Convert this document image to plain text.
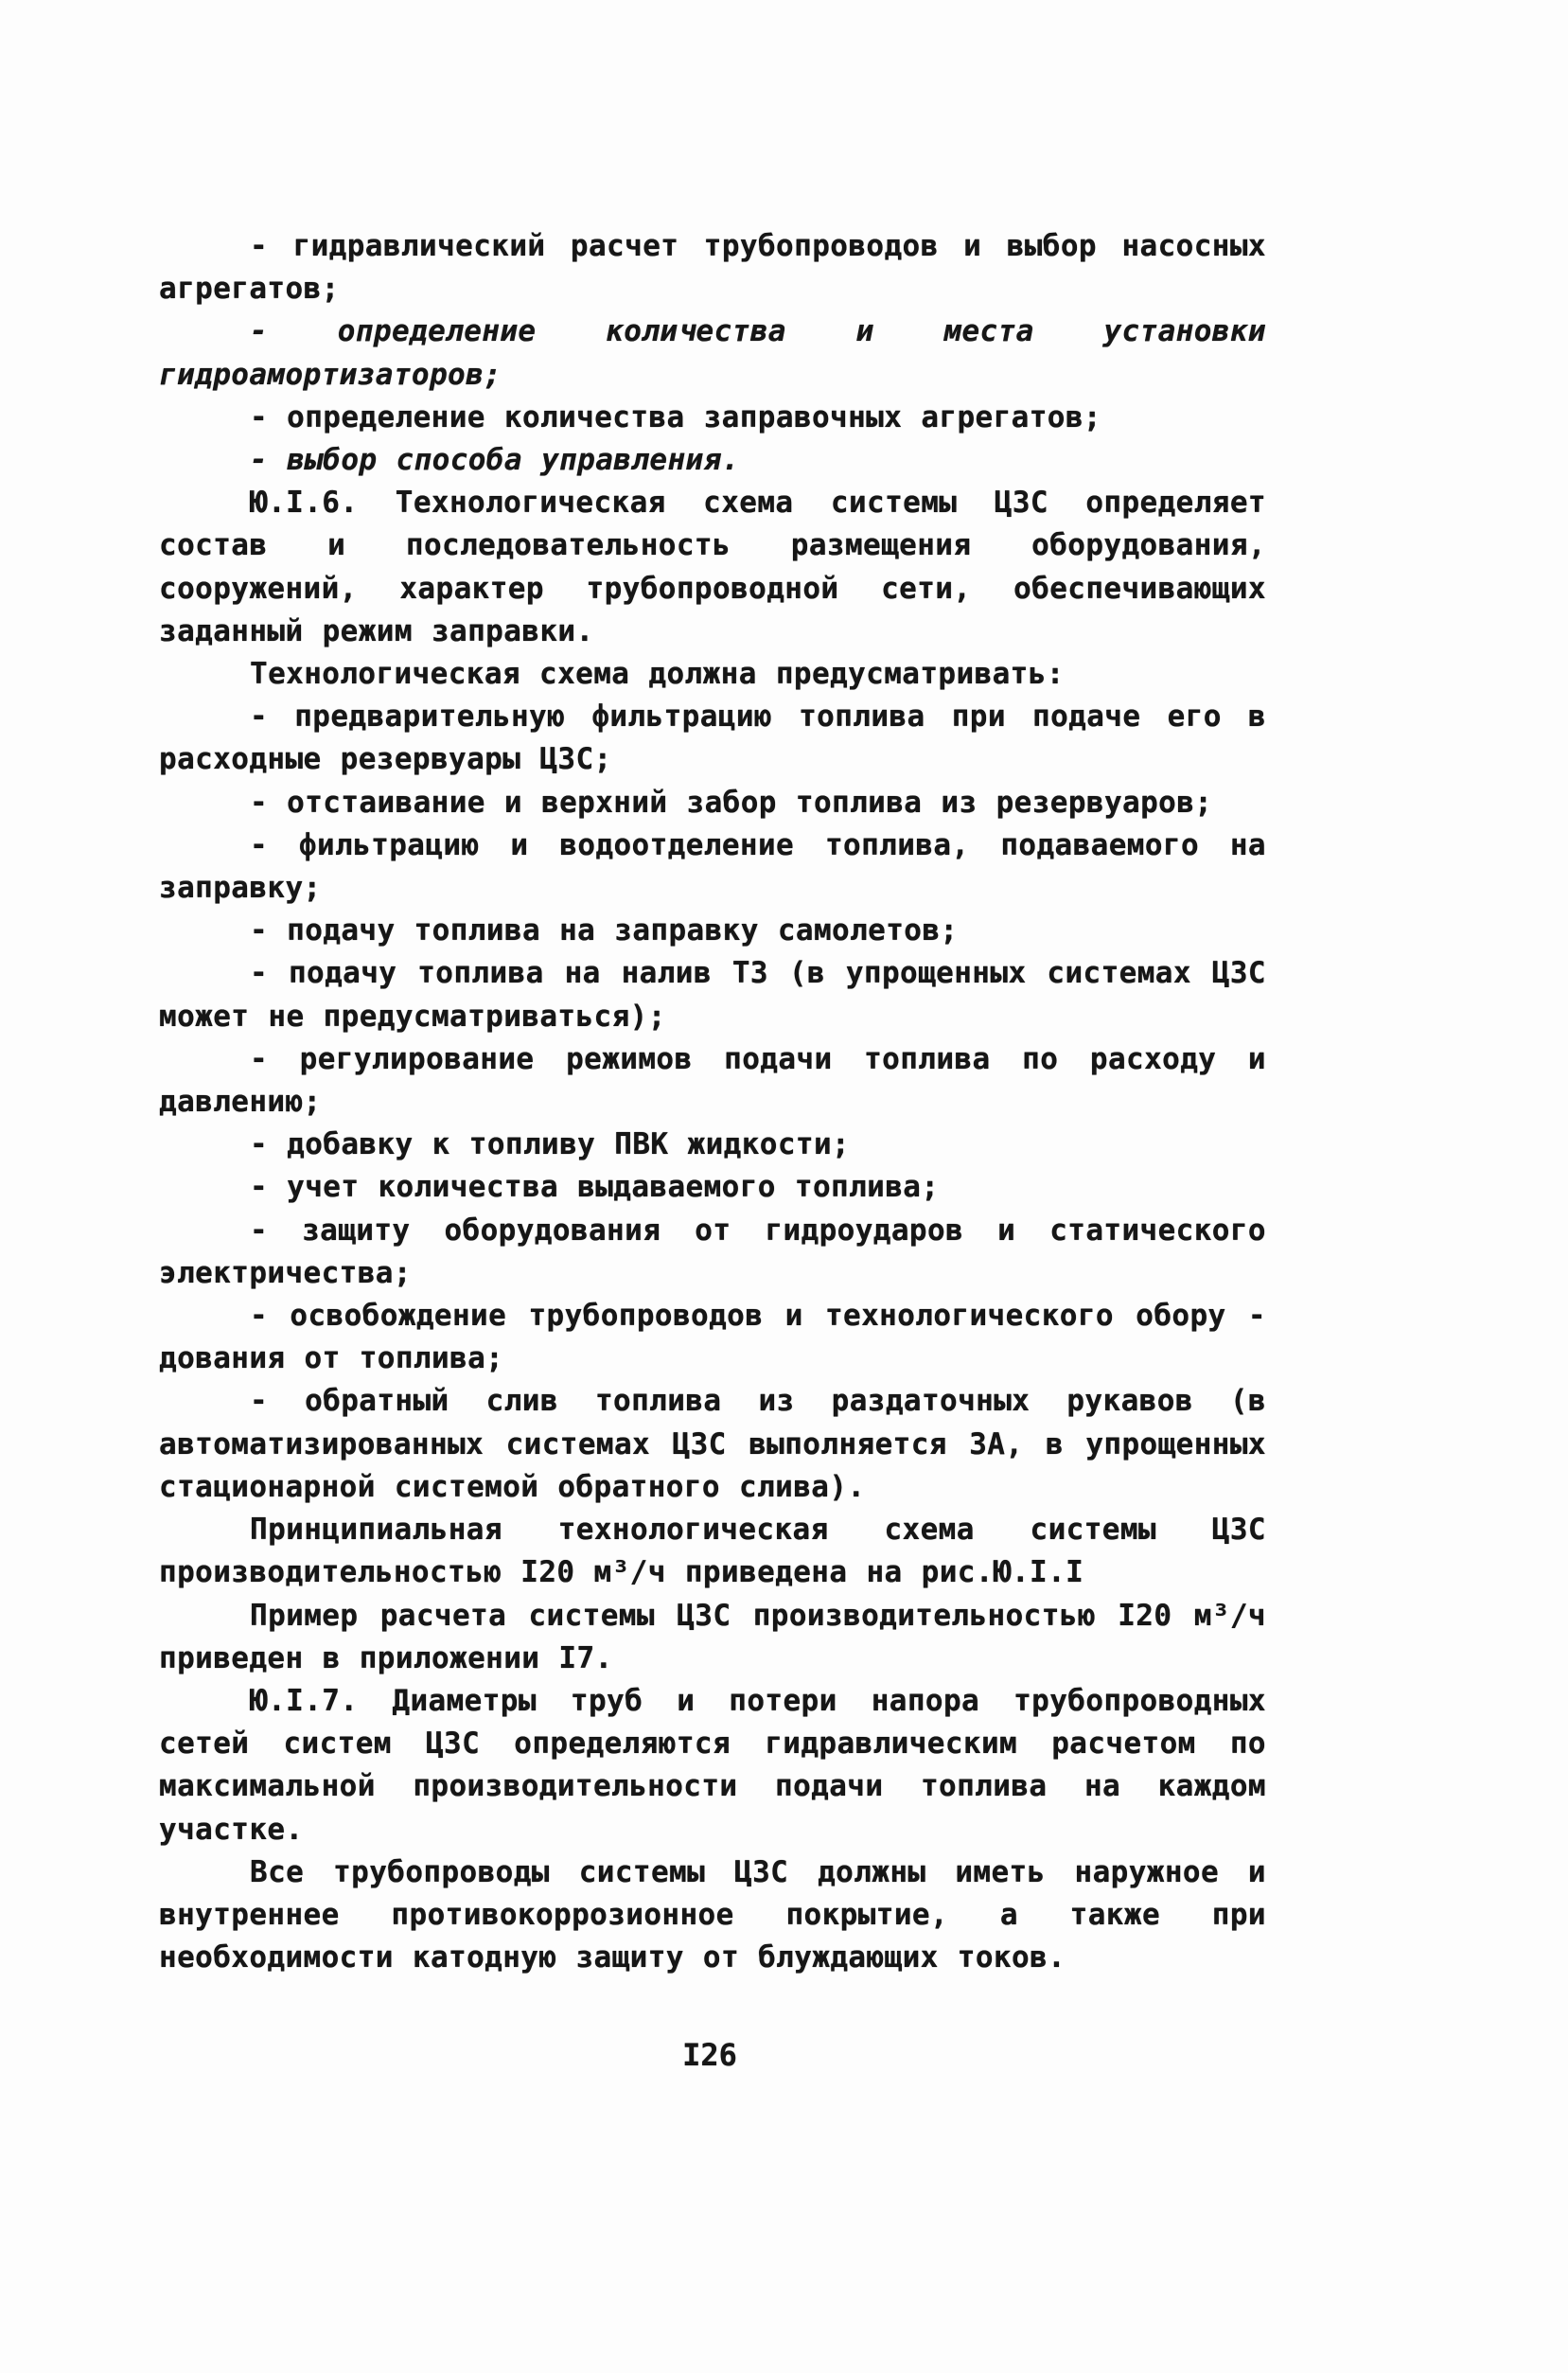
- гидравлический расчет трубопроводов и выбор насосных агрегатов;

- определение количества и места установки гидроамортизаторов;

- определение количества заправочных агрегатов;

- выбор способа управления.

Ю.I.6. Технологическая схема системы ЦЗС определяет состав и последовательность размещения оборудования, сооружений, характер трубопроводной сети, обеспечивающих заданный режим заправки.

Технологическая схема должна предусматривать:

- предварительную фильтрацию топлива при подаче его в расходные резервуары ЦЗС;

- отстаивание и верхний забор топлива из резервуаров;

- фильтрацию и водоотделение топлива, подаваемого на заправку;

- подачу топлива на заправку самолетов;

- подачу топлива на налив ТЗ (в упрощенных системах ЦЗС может не предусматриваться);

- регулирование режимов подачи топлива по расходу и давлению;

- добавку к топливу ПВК жидкости;

- учет количества выдаваемого топлива;

- защиту оборудования от гидроударов и статического электричества;

- освобождение трубопроводов и технологического обору - дования от топлива;

- обратный слив топлива из раздаточных рукавов (в автоматизированных системах ЦЗС выполняется ЗА, в упрощенных стационарной системой обратного слива).

Принципиальная технологическая схема системы ЦЗС производительностью I20 м³/ч приведена на рис.Ю.I.I

Пример расчета системы ЦЗС производительностью I20 м³/ч приведен в приложении I7.

Ю.I.7. Диаметры труб и потери напора трубопроводных сетей систем ЦЗС определяются гидравлическим расчетом по максимальной производительности подачи топлива на каждом участке.

Все трубопроводы системы ЦЗС должны иметь наружное и внутреннее противокоррозионное покрытие, а также при необходимости катодную защиту от блуждающих токов.

I26
